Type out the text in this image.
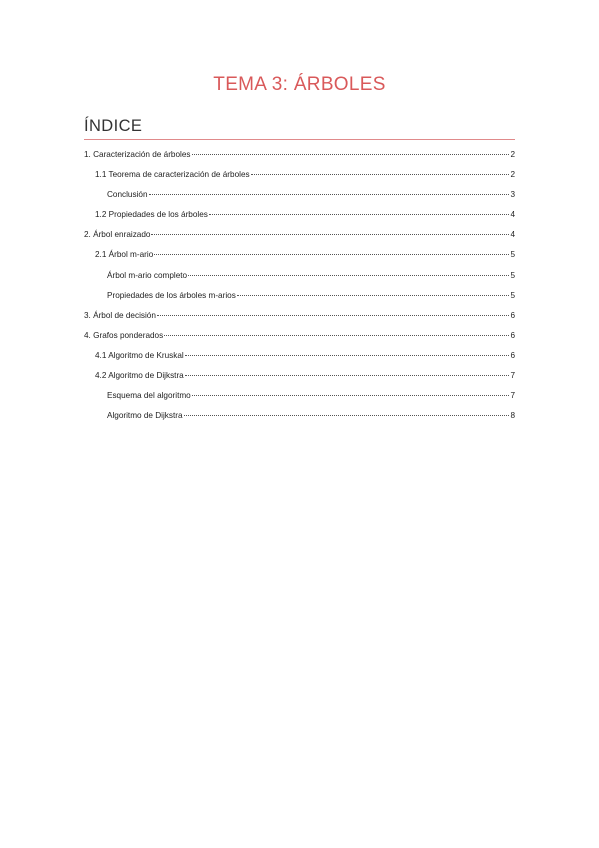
TEMA 3: ÁRBOLES
ÍNDICE
1. Caracterización de árboles	2
1.1 Teorema de caracterización de árboles	2
Conclusión	3
1.2 Propiedades de los árboles	4
2. Árbol enraizado	4
2.1 Árbol m-ario	5
Árbol m-ario completo	5
Propiedades de los árboles m-arios	5
3. Árbol de decisión	6
4. Grafos ponderados	6
4.1 Algoritmo de Kruskal	6
4.2 Algoritmo de Dijkstra	7
Esquema del algoritmo	7
Algoritmo de Dijkstra	8
